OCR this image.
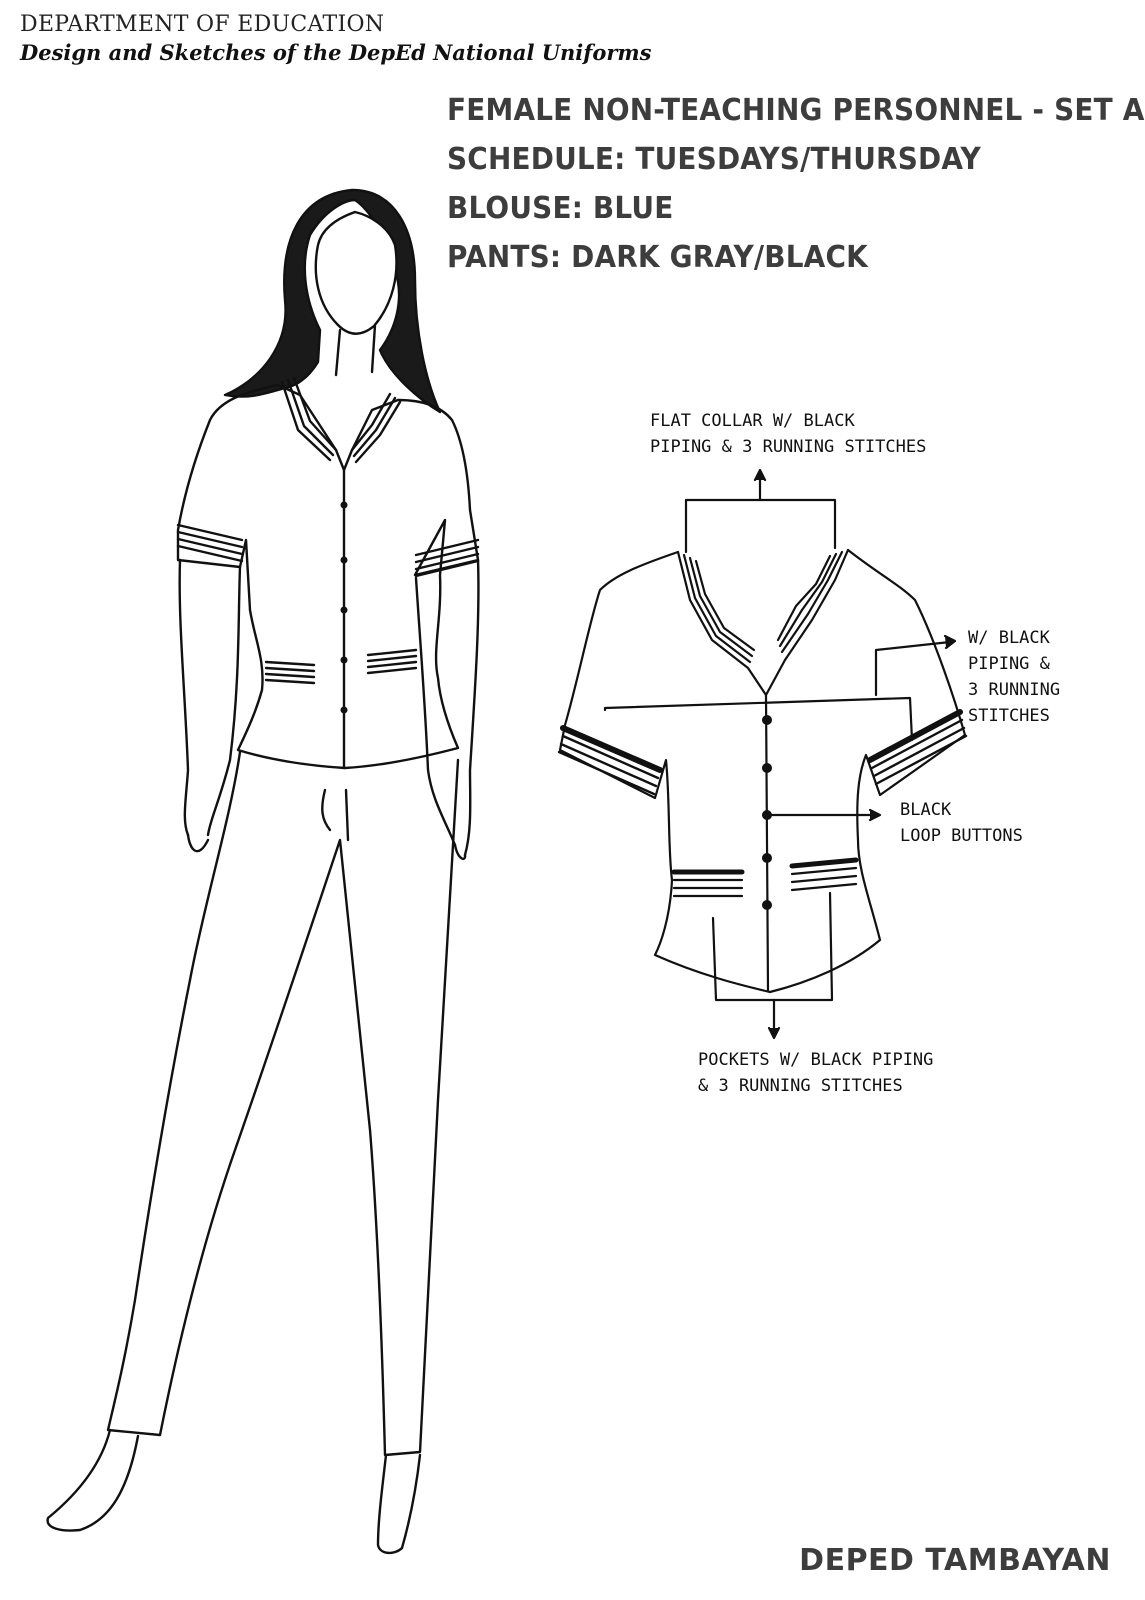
DEPARTMENT OF EDUCATION
Design and Sketches of the DepEd National Uniforms
FEMALE NON-TEACHING PERSONNEL - SET A
SCHEDULE: TUESDAYS/THURSDAY
BLOUSE: BLUE
PANTS: DARK GRAY/BLACK
FLAT COLLAR W/ BLACK
PIPING & 3 RUNNING STITCHES
W/ BLACK
PIPING &
3 RUNNING
STITCHES
BLACK
LOOP BUTTONS
POCKETS W/ BLACK PIPING
& 3 RUNNING STITCHES
DEPED TAMBAYAN
